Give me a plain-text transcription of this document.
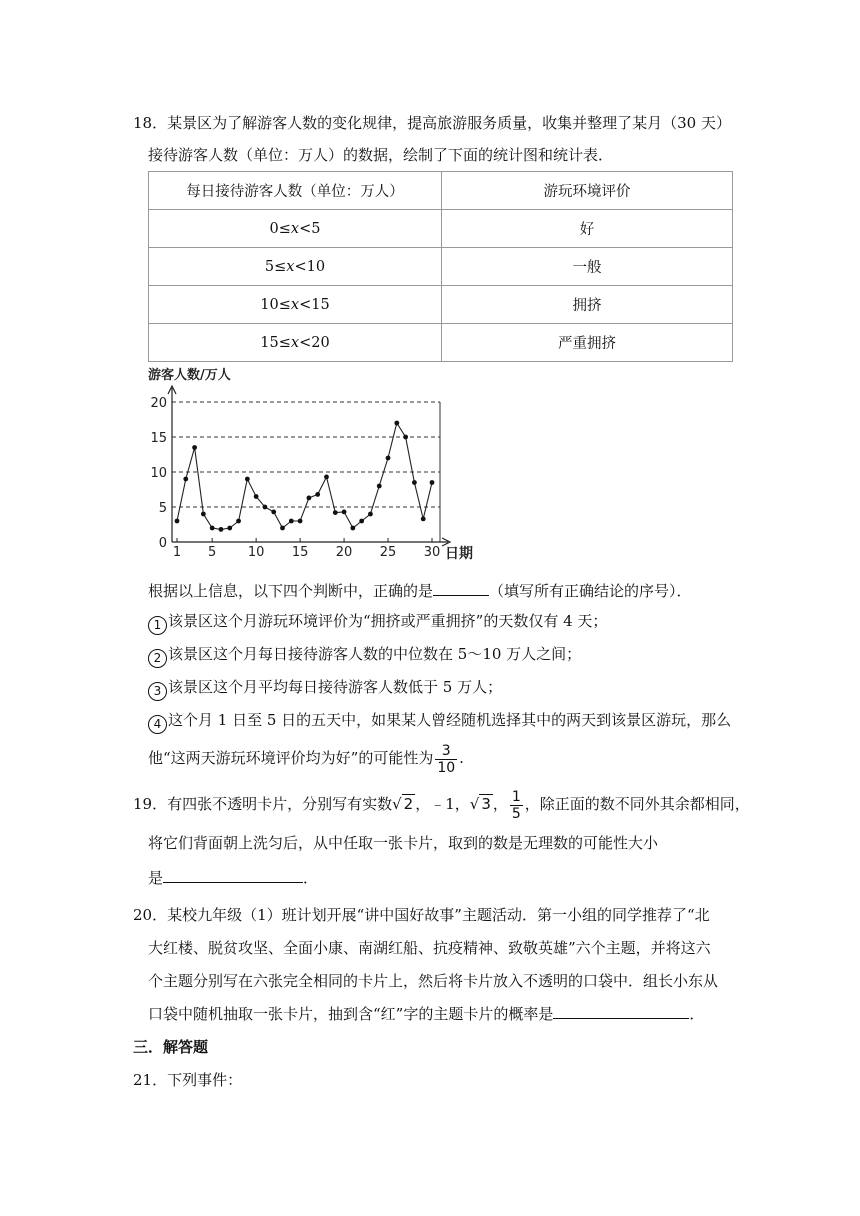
18．某景区为了解游客人数的变化规律，提高旅游服务质量，收集并整理了某月（30 天）
接待游客人数（单位：万人）的数据，绘制了下面的统计图和统计表．
每日接待游客人数（单位：万人）	游玩环境评价
0≤x<5	好
5≤x<10	一般
10≤x<15	拥挤
15≤x<20	严重拥挤
游客人数/万人
日期
0
5
10
15
20
1 5 10 15 20 25 30
根据以上信息，以下四个判断中，正确的是	（填写所有正确结论的序号）．
1 该景区这个月游玩环境评价为“拥挤或严重拥挤”的天数仅有 4 天；
2 该景区这个月每日接待游客人数的中位数在 5～10 万人之间；
3 该景区这个月平均每日接待游客人数低于 5 万人；
4 这个月 1 日至 5 日的五天中，如果某人曾经随机选择其中的两天到该景区游玩，那么
他“这两天游玩环境评价均为好”的可能性为 $\frac{3}{10}$ .
19．有四张不透明卡片，分别写有实数√ 2 ，﹣1，√ 3 ， $\frac{1}{5}$ ，除正面的数不同外其余都相同，
将它们背面朝上洗匀后，从中任取一张卡片，取到的数是无理数的可能性大小
是	．
20．某校九年级（1）班计划开展“讲中国好故事”主题活动．第一小组的同学推荐了“北
大红楼、脱贫攻坚、全面小康、南湖红船、抗疫精神、致敬英雄”六个主题，并将这六
个主题分别写在六张完全相同的卡片上，然后将卡片放入不透明的口袋中．组长小东从
口袋中随机抽取一张卡片，抽到含“红”字的主题卡片的概率是	．
三．解答题
21．下列事件：
